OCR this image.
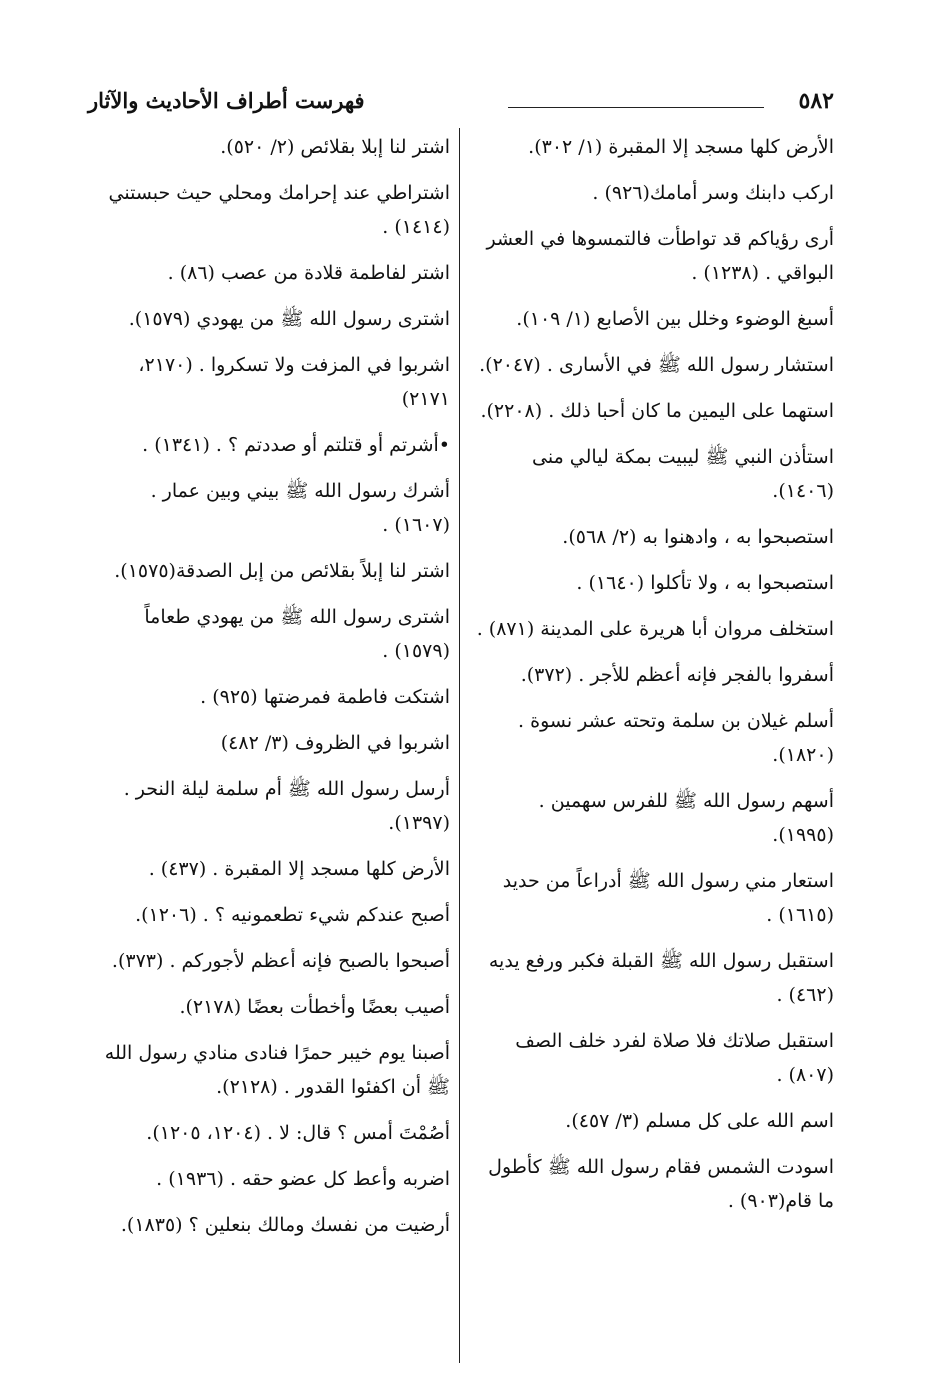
٥٨٢
فهرست أطراف الأحاديث والآثار
الأرض كلها مسجد إلا المقبرة (١/ ٣٠٢).
اركب دابنك وسر أمامك(٩٢٦) .
أرى رؤياكم قد تواطأت فالتمسوها في العشر البواقي . (١٢٣٨) .
أسبغ الوضوء وخلل بين الأصابع (١/ ١٠٩).
استشار رسول الله ﷺ في الأسارى . (٢٠٤٧).
استهما على اليمين ما كان أحبا ذلك . (٢٢٠٨).
استأذن النبي ﷺ ليبيت بمكة ليالي منى (١٤٠٦).
استصبحوا به ، وادهنوا به (٢/ ٥٦٨).
استصبحوا به ، ولا تأكلوا (١٦٤٠) .
استخلف مروان أبا هريرة على المدينة (٨٧١) .
أسفروا بالفجر فإنه أعظم للأجر . (٣٧٢).
أسلم غيلان بن سلمة وتحته عشر نسوة . (١٨٢٠).
أسهم رسول الله ﷺ للفرس سهمين . (١٩٩٥).
استعار مني رسول الله ﷺ أدراعاً من حديد (١٦١٥) .
استقبل رسول الله ﷺ القبلة فكبر ورفع يديه (٤٦٢) .
استقبل صلاتك فلا صلاة لفرد خلف الصف (٨٠٧) .
اسم الله على كل مسلم (٣/ ٤٥٧).
اسودت الشمس فقام رسول الله ﷺ كأطول ما قام(٩٠٣) .
اشتر لنا إبلا بقلائص (٢/ ٥٢٠).
اشتراطي عند إحرامك ومحلي حيث حبستني (١٤١٤) .
اشتر لفاطمة قلادة من عصب (٨٦) .
اشترى رسول الله ﷺ من يهودي (١٥٧٩).
اشربوا في المزفت ولا تسكروا . (٢١٧٠، ٢١٧١)
•أشرتم أو قتلتم أو صددتم ؟ . (١٣٤١) .
أشرك رسول الله ﷺ بيني وبين عمار . (١٦٠٧) .
اشتر لنا إبلاً بقلائص من إبل الصدقة(١٥٧٥).
اشترى رسول الله ﷺ من يهودي طعاماً (١٥٧٩) .
اشتكت فاطمة فمرضتها (٩٢٥) .
اشربوا في الظروف (٣/ ٤٨٢)
أرسل رسول الله ﷺ أم سلمة ليلة النحر . (١٣٩٧).
الأرض كلها مسجد إلا المقبرة . (٤٣٧) .
أصبح عندكم شيء تطعمونيه ؟ . (١٢٠٦).
أصبحوا بالصبح فإنه أعظم لأجوركم . (٣٧٣).
أصيب بعضًا وأخطأت بعضًا (٢١٧٨).
أصبنا يوم خيبر حمرًا فنادى منادي رسول الله ﷺ أن اكفئوا القدور . (٢١٢٨).
أصُمْتَ أمس ؟ قال: لا . (١٢٠٤، ١٢٠٥).
اضربه وأعط كل عضو حقه . (١٩٣٦) .
أرضيت من نفسك ومالك بنعلين ؟ (١٨٣٥).
